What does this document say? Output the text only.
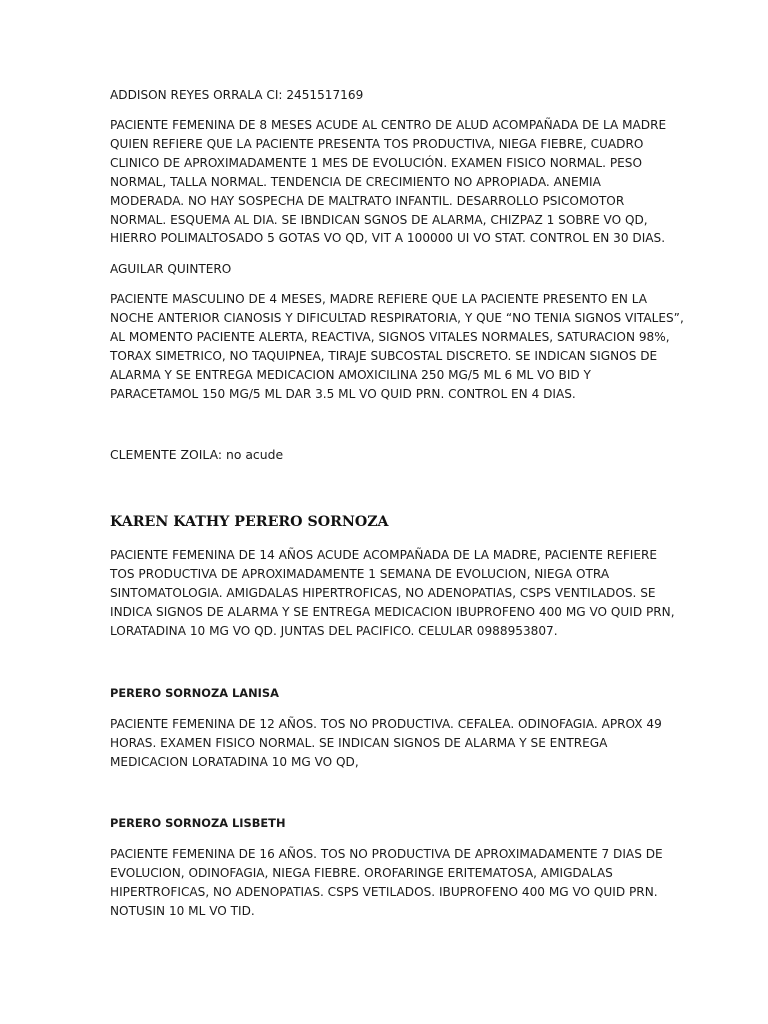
ADDISON REYES ORRALA CI: 2451517169

PACIENTE FEMENINA DE 8 MESES ACUDE AL CENTRO DE ALUD ACOMPAÑADA DE LA MADRE
QUIEN REFIERE QUE LA PACIENTE PRESENTA TOS PRODUCTIVA, NIEGA FIEBRE, CUADRO
CLINICO DE APROXIMADAMENTE 1 MES DE EVOLUCIÓN. EXAMEN FISICO NORMAL. PESO
NORMAL, TALLA NORMAL. TENDENCIA DE CRECIMIENTO NO APROPIADA. ANEMIA
MODERADA. NO HAY SOSPECHA DE MALTRATO INFANTIL. DESARROLLO PSICOMOTOR
NORMAL. ESQUEMA AL DIA. SE IBNDICAN SGNOS DE ALARMA, CHIZPAZ 1 SOBRE VO QD,
HIERRO POLIMALTOSADO 5 GOTAS VO QD, VIT A 100000 UI VO STAT. CONTROL EN 30 DIAS.

AGUILAR QUINTERO

PACIENTE MASCULINO DE 4 MESES, MADRE REFIERE QUE LA PACIENTE PRESENTO EN LA
NOCHE ANTERIOR CIANOSIS Y DIFICULTAD RESPIRATORIA, Y QUE “NO TENIA SIGNOS VITALES”,
AL MOMENTO PACIENTE ALERTA, REACTIVA, SIGNOS VITALES NORMALES, SATURACION 98%,
TORAX SIMETRICO, NO TAQUIPNEA, TIRAJE SUBCOSTAL DISCRETO. SE INDICAN SIGNOS DE
ALARMA Y SE ENTREGA MEDICACION AMOXICILINA 250 MG/5 ML 6 ML VO BID Y
PARACETAMOL 150 MG/5 ML DAR 3.5 ML VO QUID PRN. CONTROL EN 4 DIAS.

CLEMENTE ZOILA: no acude

KAREN KATHY PERERO SORNOZA

PACIENTE FEMENINA DE 14 AÑOS ACUDE ACOMPAÑADA DE LA MADRE, PACIENTE REFIERE
TOS PRODUCTIVA DE APROXIMADAMENTE 1 SEMANA DE EVOLUCION, NIEGA OTRA
SINTOMATOLOGIA. AMIGDALAS HIPERTROFICAS, NO ADENOPATIAS, CSPS VENTILADOS. SE
INDICA SIGNOS DE ALARMA Y SE ENTREGA MEDICACION IBUPROFENO 400 MG VO QUID PRN,
LORATADINA 10 MG VO QD. JUNTAS DEL PACIFICO. CELULAR 0988953807.

PERERO SORNOZA LANISA

PACIENTE FEMENINA DE 12 AÑOS. TOS NO PRODUCTIVA. CEFALEA. ODINOFAGIA. APROX 49
HORAS. EXAMEN FISICO NORMAL. SE INDICAN SIGNOS DE ALARMA Y SE ENTREGA
MEDICACION LORATADINA 10 MG VO QD,

PERERO SORNOZA LISBETH

PACIENTE FEMENINA DE 16 AÑOS. TOS NO PRODUCTIVA DE APROXIMADAMENTE 7 DIAS DE
EVOLUCION, ODINOFAGIA, NIEGA FIEBRE. OROFARINGE ERITEMATOSA, AMIGDALAS
HIPERTROFICAS, NO ADENOPATIAS. CSPS VETILADOS. IBUPROFENO 400 MG VO QUID PRN.
NOTUSIN 10 ML VO TID.
